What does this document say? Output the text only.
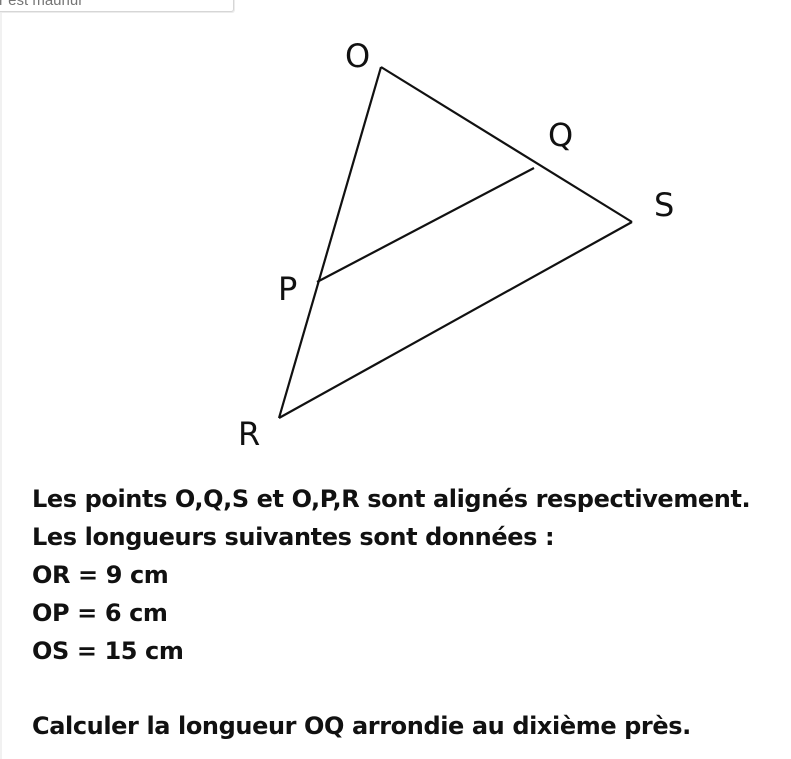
r est maunur
O
Q
S
P
R
Les points O,Q,S et O,P,R sont alignés respectivement.
Les longueurs suivantes sont données :
OR = 9 cm
OP = 6 cm
OS = 15 cm
Calculer la longueur OQ arrondie au dixième près.
